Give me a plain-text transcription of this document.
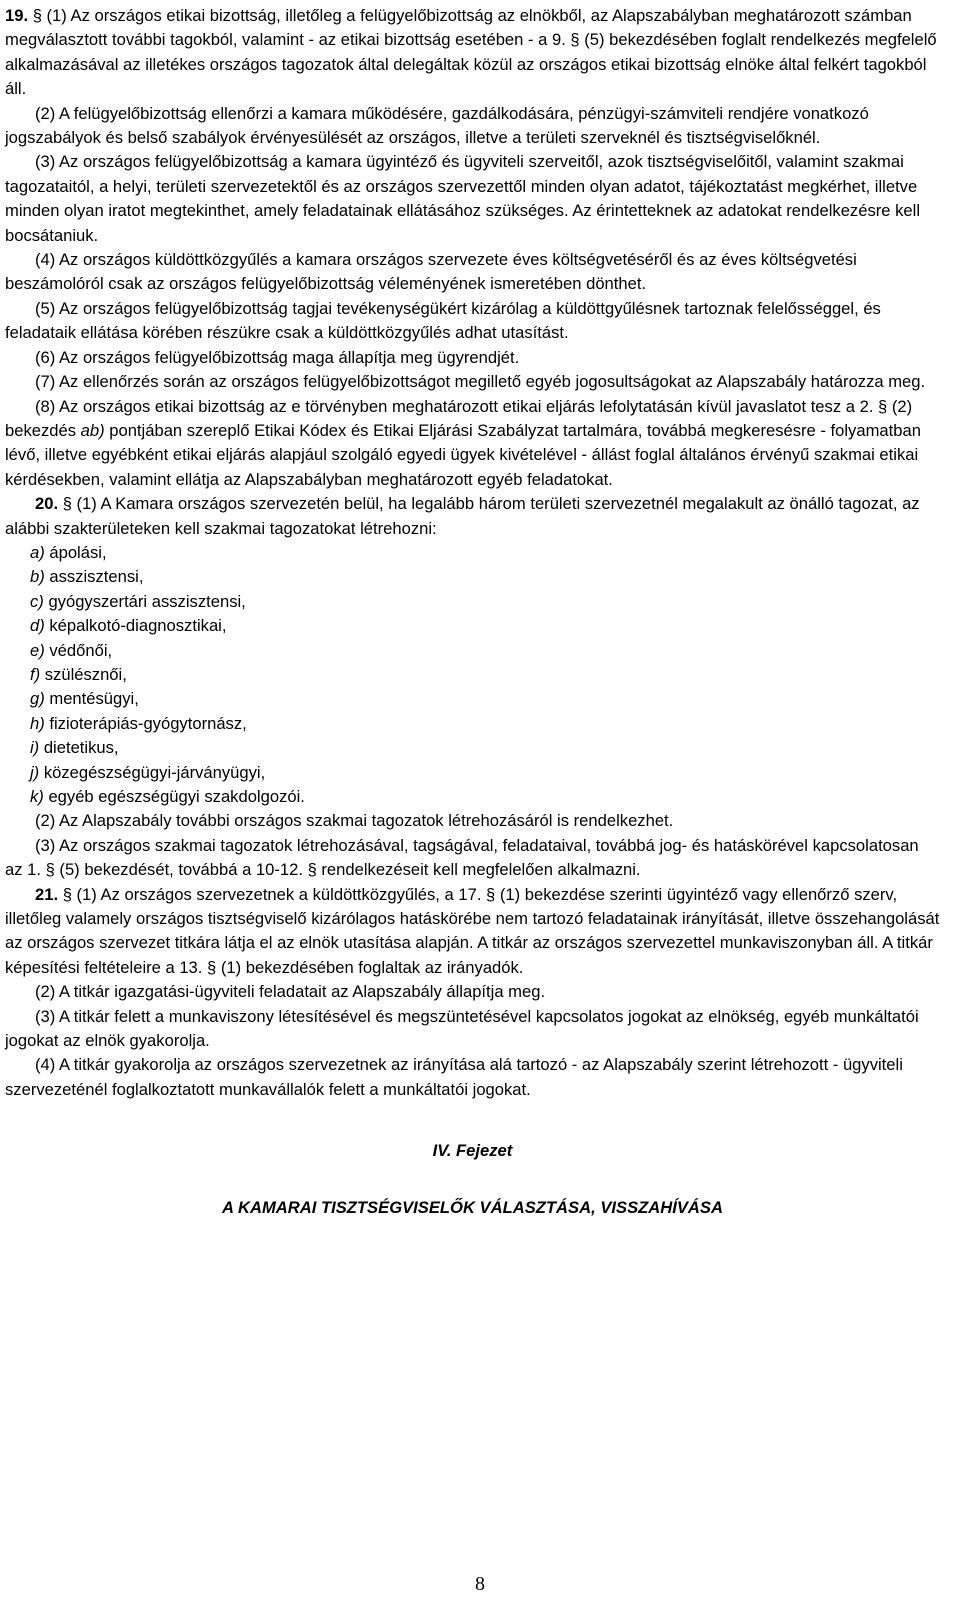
19. § (1) Az országos etikai bizottság, illetőleg a felügyelőbizottság az elnökből, az Alapszabályban meghatározott számban megválasztott további tagokból, valamint - az etikai bizottság esetében - a 9. § (5) bekezdésében foglalt rendelkezés megfelelő alkalmazásával az illetékes országos tagozatok által delegáltak közül az országos etikai bizottság elnöke által felkért tagokból áll.

(2) A felügyelőbizottság ellenőrzi a kamara működésére, gazdálkodására, pénzügyi-számviteli rendjére vonatkozó jogszabályok és belső szabályok érvényesülését az országos, illetve a területi szerveknél és tisztségviselőknél.

(3) Az országos felügyelőbizottság a kamara ügyintéző és ügyviteli szerveitől, azok tisztségviselőitől, valamint szakmai tagozataitól, a helyi, területi szervezetektől és az országos szervezettől minden olyan adatot, tájékoztatást megkérhet, illetve minden olyan iratot megtekinthet, amely feladatainak ellátásához szükséges. Az érintetteknek az adatokat rendelkezésre kell bocsátaniuk.

(4) Az országos küldöttközgyűlés a kamara országos szervezete éves költségvetéséről és az éves költségvetési beszámolóról csak az országos felügyelőbizottság véleményének ismeretében dönthet.

(5) Az országos felügyelőbizottság tagjai tevékenységükért kizárólag a küldöttgyűlésnek tartoznak felelősséggel, és feladataik ellátása körében részükre csak a küldöttközgyűlés adhat utasítást.

(6) Az országos felügyelőbizottság maga állapítja meg ügyrendjét.

(7) Az ellenőrzés során az országos felügyelőbizottságot megillető egyéb jogosultságokat az Alapszabály határozza meg.

(8) Az országos etikai bizottság az e törvényben meghatározott etikai eljárás lefolytatásán kívül javaslatot tesz a 2. § (2) bekezdés ab) pontjában szereplő Etikai Kódex és Etikai Eljárási Szabályzat tartalmára, továbbá megkeresésre - folyamatban lévő, illetve egyébként etikai eljárás alapjául szolgáló egyedi ügyek kivételével - állást foglal általános érvényű szakmai etikai kérdésekben, valamint ellátja az Alapszabályban meghatározott egyéb feladatokat.

20. § (1) A Kamara országos szervezetén belül, ha legalább három területi szervezetnél megalakult az önálló tagozat, az alábbi szakterületeken kell szakmai tagozatokat létrehozni:

a) ápolási,
b) asszisztensi,
c) gyógyszertári asszisztensi,
d) képalkotó-diagnosztikai,
e) védőnői,
f) szülésznői,
g) mentésügyi,
h) fizioterápiás-gyógytornász,
i) dietetikus,
j) közegészségügyi-járványügyi,
k) egyéb egészségügyi szakdolgozói.

(2) Az Alapszabály további országos szakmai tagozatok létrehozásáról is rendelkezhet.

(3) Az országos szakmai tagozatok létrehozásával, tagságával, feladataival, továbbá jog- és hatáskörével kapcsolatosan az 1. § (5) bekezdését, továbbá a 10-12. § rendelkezéseit kell megfelelően alkalmazni.

21. § (1) Az országos szervezetnek a küldöttközgyűlés, a 17. § (1) bekezdése szerinti ügyintéző vagy ellenőrző szerv, illetőleg valamely országos tisztségviselő kizárólagos hatáskörébe nem tartozó feladatainak irányítását, illetve összehangolását az országos szervezet titkára látja el az elnök utasítása alapján. A titkár az országos szervezettel munkaviszonyban áll. A titkár képesítési feltételeire a 13. § (1) bekezdésében foglaltak az irányadók.

(2) A titkár igazgatási-ügyviteli feladatait az Alapszabály állapítja meg.

(3) A titkár felett a munkaviszony létesítésével és megszüntetésével kapcsolatos jogokat az elnökség, egyéb munkáltatói jogokat az elnök gyakorolja.

(4) A titkár gyakorolja az országos szervezetnek az irányítása alá tartozó - az Alapszabály szerint létrehozott - ügyviteli szervezeténél foglalkoztatott munkavállalók felett a munkáltatói jogokat.

IV. Fejezet
A KAMARAI TISZTSÉGVISELŐK VÁLASZTÁSA, VISSZAHÍVÁSA
8
